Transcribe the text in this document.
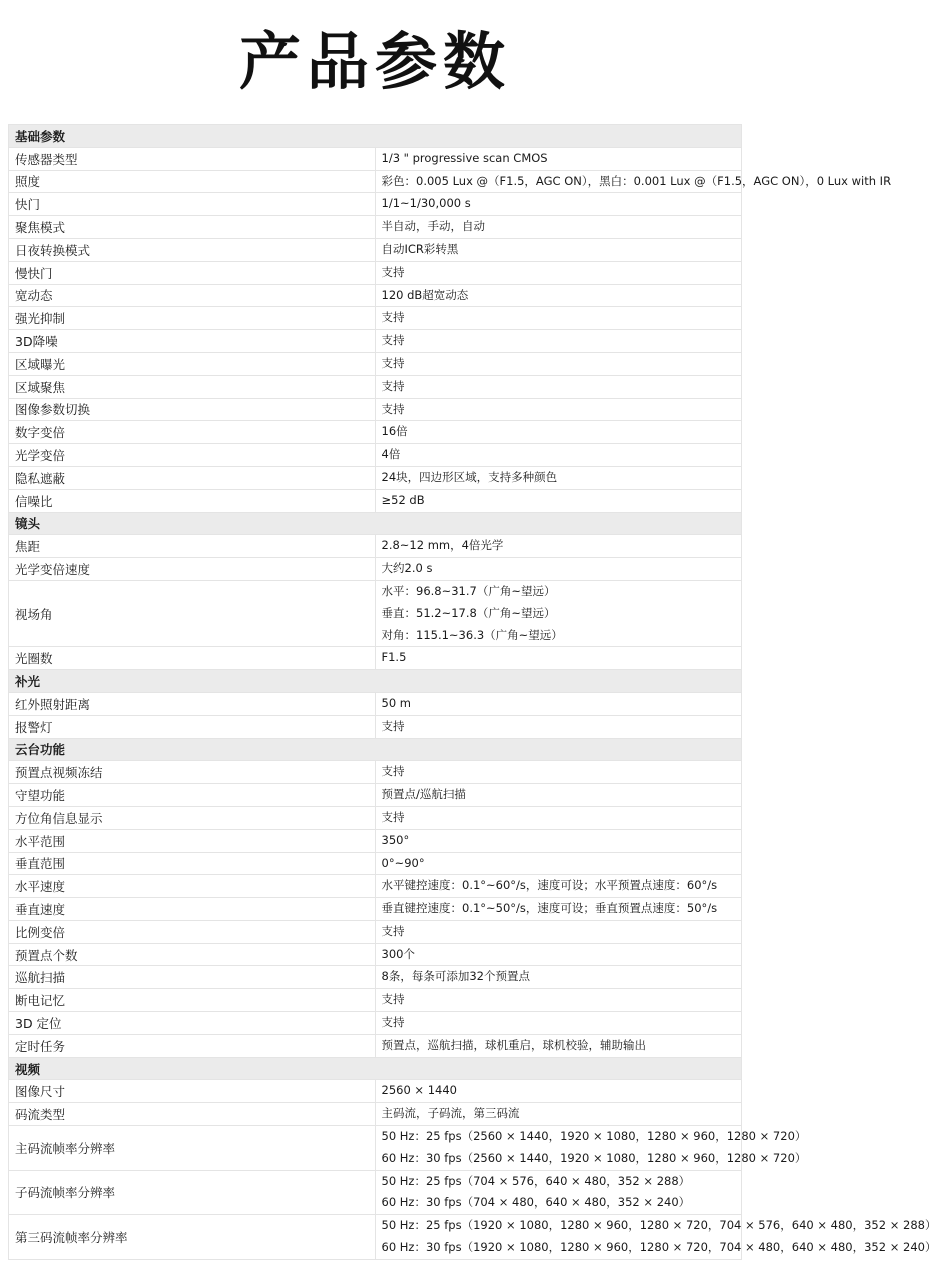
产品参数
基础参数	
传感器类型	1/3 " progressive scan CMOS

照度	彩色：0.005 Lux @（F1.5，AGC ON），黑白：0.001 Lux @（F1.5，AGC ON），0 Lux with IR

快门	1/1~1/30,000 s

聚焦模式	半自动，手动，自动

日夜转换模式	自动ICR彩转黑

慢快门	支持

宽动态	120 dB超宽动态

强光抑制	支持

3D降噪	支持

区域曝光	支持

区域聚焦	支持

图像参数切换	支持

数字变倍	16倍

光学变倍	4倍

隐私遮蔽	24块，四边形区域，支持多种颜色

信噪比	≥52 dB

镜头	
焦距	2.8~12 mm，4倍光学

光学变倍速度	大约2.0 s

视场角	水平：96.8~31.7（广角~望远）
垂直：51.2~17.8（广角~望远）
对角：115.1~36.3（广角~望远）

光圈数	F1.5

补光	
红外照射距离	50 m

报警灯	支持

云台功能	
预置点视频冻结	支持

守望功能	预置点/巡航扫描

方位角信息显示	支持

水平范围	350°

垂直范围	0°~90°

水平速度	水平键控速度：0.1°~60°/s，速度可设；水平预置点速度：60°/s

垂直速度	垂直键控速度：0.1°~50°/s，速度可设；垂直预置点速度：50°/s

比例变倍	支持

预置点个数	300个

巡航扫描	8条，每条可添加32个预置点

断电记忆	支持

3D 定位	支持

定时任务	预置点，巡航扫描，球机重启，球机校验，辅助输出

视频	
图像尺寸	2560 × 1440

码流类型	主码流，子码流，第三码流

主码流帧率分辨率	50 Hz：25 fps（2560 × 1440，1920 × 1080，1280 × 960，1280 × 720）
60 Hz：30 fps（2560 × 1440，1920 × 1080，1280 × 960，1280 × 720）

子码流帧率分辨率	50 Hz：25 fps（704 × 576，640 × 480，352 × 288）
60 Hz：30 fps（704 × 480，640 × 480，352 × 240）

第三码流帧率分辨率	50 Hz：25 fps（1920 × 1080，1280 × 960，1280 × 720，704 × 576，640 × 480，352 × 288）
60 Hz：30 fps（1920 × 1080，1280 × 960，1280 × 720，704 × 480，640 × 480，352 × 240）
